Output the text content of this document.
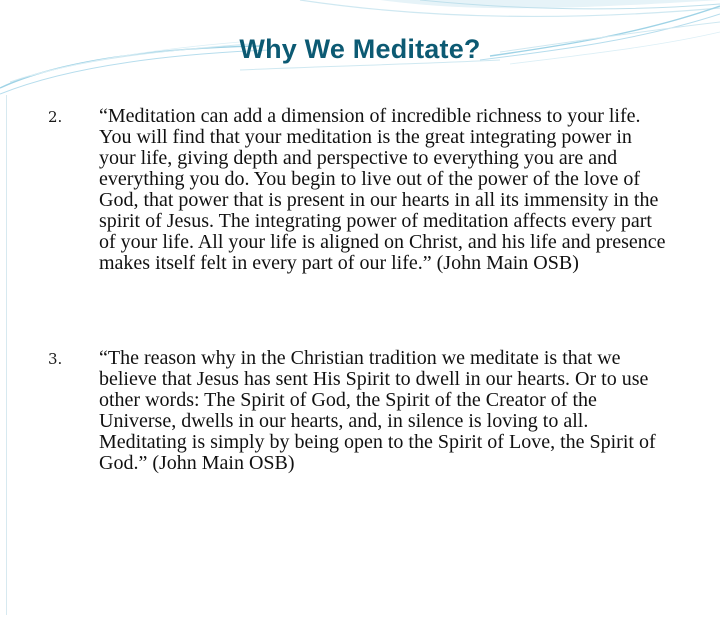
Why We Meditate?
2. “Meditation can add a dimension of incredible richness to your life. You will find that your meditation is the great integrating power in your life, giving depth and perspective to everything you are and everything you do. You begin to live out of the power of the love of God, that power that is present in our hearts in all its immensity in the spirit of Jesus. The integrating power of meditation affects every part of your life. All your life is aligned on Christ, and his life and presence makes itself felt in every part of our life.” (John Main OSB)

3. “The reason why in the Christian tradition we meditate is that we believe that Jesus has sent His Spirit to dwell in our hearts. Or to use other words: The Spirit of God, the Spirit of the Creator of the Universe, dwells in our hearts, and, in silence is loving to all. Meditating is simply by being open to the Spirit of Love, the Spirit of God.” (John Main OSB)
